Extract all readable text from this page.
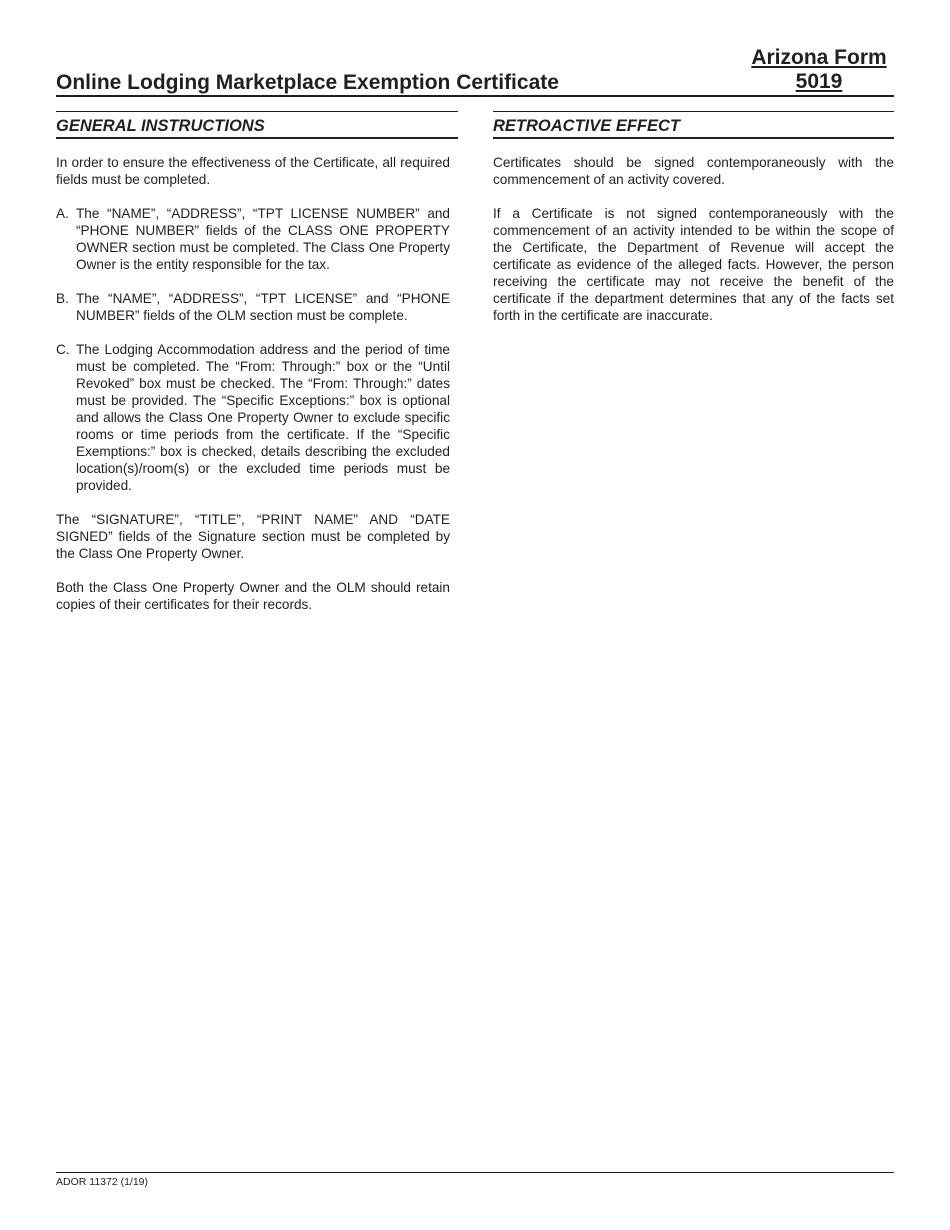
Arizona Form
5019
Online Lodging Marketplace Exemption Certificate
GENERAL INSTRUCTIONS

In order to ensure the effectiveness of the Certificate, all required fields must be completed.

A. The “NAME”, “ADDRESS”, “TPT LICENSE NUMBER” and “PHONE NUMBER” fields of the CLASS ONE PROPERTY OWNER section must be completed. The Class One Property Owner is the entity responsible for the tax.
B. The “NAME”, “ADDRESS”, “TPT LICENSE” and “PHONE NUMBER” fields of the OLM section must be complete.
C. The Lodging Accommodation address and the period of time must be completed. The “From: Through:” box or the “Until Revoked” box must be checked. The “From: Through:” dates must be provided. The “Specific Exceptions:” box is optional and allows the Class One Property Owner to exclude specific rooms or time periods from the certificate. If the “Specific Exemptions:” box is checked, details describing the excluded location(s)/room(s) or the excluded time periods must be provided.

The “SIGNATURE”, “TITLE”, “PRINT NAME” AND “DATE SIGNED” fields of the Signature section must be completed by the Class One Property Owner.

Both the Class One Property Owner and the OLM should retain copies of their certificates for their records.

RETROACTIVE EFFECT

Certificates should be signed contemporaneously with the commencement of an activity covered.

If a Certificate is not signed contemporaneously with the commencement of an activity intended to be within the scope of the Certificate, the Department of Revenue will accept the certificate as evidence of the alleged facts. However, the person receiving the certificate may not receive the benefit of the certificate if the department determines that any of the facts set forth in the certificate are inaccurate.

ADOR 11372 (1/19)
